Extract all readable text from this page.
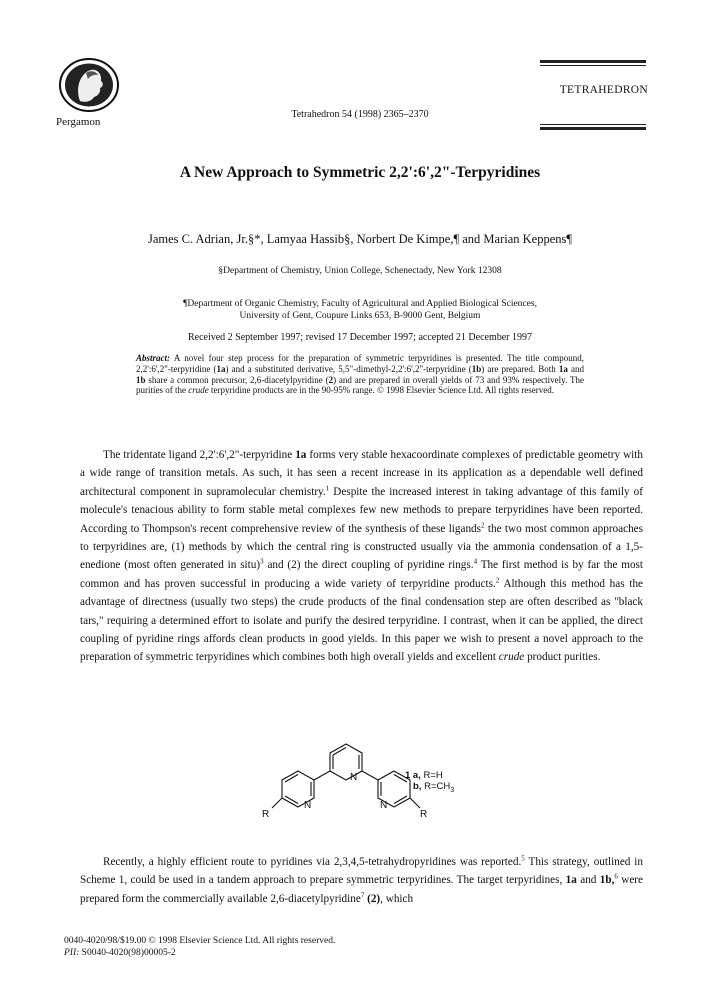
Pergamon
Tetrahedron 54 (1998) 2365–2370
TETRAHEDRON
A New Approach to Symmetric 2,2':6',2"-Terpyridines
James C. Adrian, Jr.§*, Lamyaa Hassib§, Norbert De Kimpe,¶ and Marian Keppens¶
§Department of Chemistry, Union College, Schenectady, New York 12308
¶Department of Organic Chemistry, Faculty of Agricultural and Applied Biological Sciences,
University of Gent, Coupure Links 653, B-9000 Gent, Belgium
Received 2 September 1997; revised 17 December 1997; accepted 21 December 1997
Abstract: A novel four step process for the preparation of symmetric terpyridines is presented. The title compound, 2,2':6',2"-terpyridine (1a) and a substituted derivative, 5,5"-dimethyl-2,2':6',2"-terpyridine (1b) are prepared. Both 1a and 1b share a common precursor, 2,6-diacetylpyridine (2) and are prepared in overall yields of 73 and 93% respectively. The purities of the crude terpyridine products are in the 90-95% range. © 1998 Elsevier Science Ltd. All rights reserved.

The tridentate ligand 2,2':6',2"-terpyridine 1a forms very stable hexacoordinate complexes of predictable geometry with a wide range of transition metals. As such, it has seen a recent increase in its application as a dependable well defined architectural component in supramolecular chemistry.$^1$ Despite the increased interest in taking advantage of this family of molecule's tenacious ability to form stable metal complexes few new methods to prepare terpyridines have been reported. According to Thompson's recent comprehensive review of the synthesis of these ligands$^2$ the two most common approaches to terpyridines are, (1) methods by which the central ring is constructed usually via the ammonia condensation of a 1,5-enedione (most often generated in situ)$^3$ and (2) the direct coupling of pyridine rings.$^4$ The first method is by far the most common and has proven successful in producing a wide variety of terpyridine products.$^2$ Although this method has the advantage of directness (usually two steps) the crude products of the final condensation step are often described as "black tars," requiring a determined effort to isolate and purify the desired terpyridine. I contrast, when it can be applied, the direct coupling of pyridine rings affords clean products in good yields. In this paper we wish to present a novel approach to the preparation of symmetric terpyridines which combines both high overall yields and excellent crude product purities.

N
N	N
R	R
1 a, R=H
b, $R=CH_3$

Recently, a highly efficient route to pyridines via 2,3,4,5-tetrahydropyridines was reported.$^5$ This strategy, outlined in Scheme 1, could be used in a tandem approach to prepare symmetric terpyridines. The target terpyridines, 1a and 1b,$^6$ were prepared form the commercially available 2,6-diacetylpyridine$^7$ (2), which

0040-4020/98/$19.00 © 1998 Elsevier Science Ltd. All rights reserved.
PII: S0040-4020(98)00005-2
